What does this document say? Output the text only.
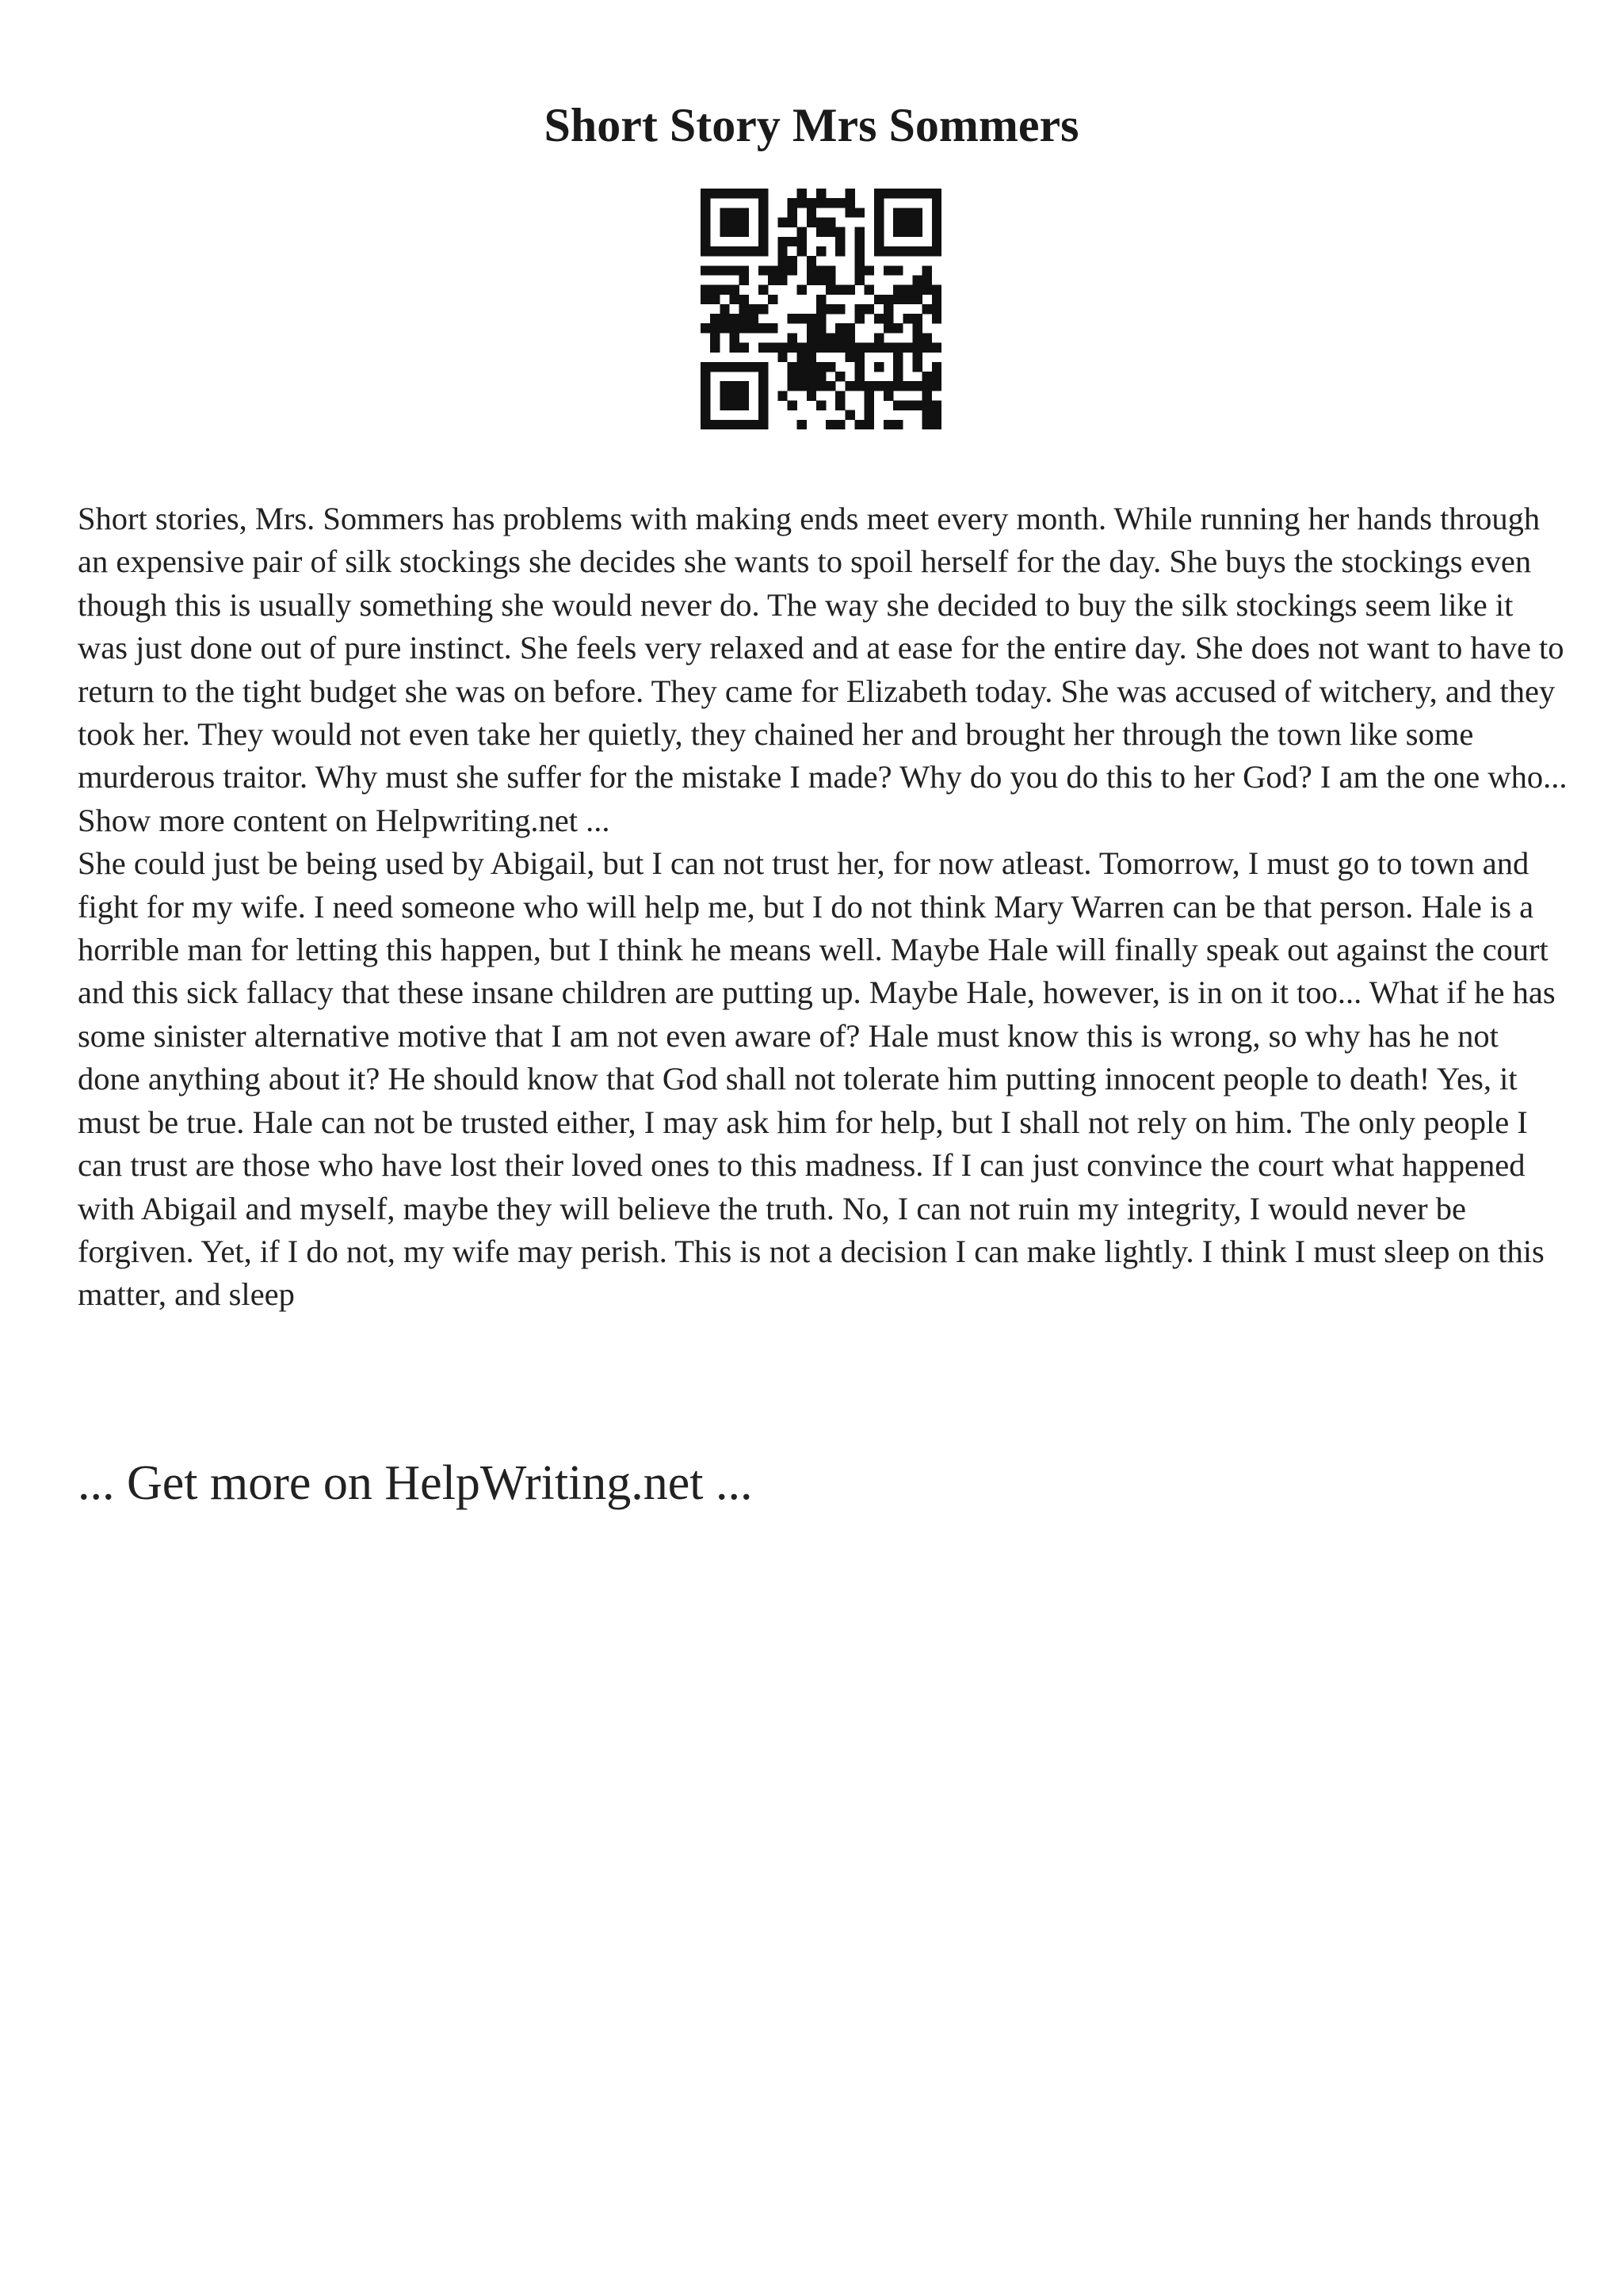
Short Story Mrs Sommers

Short stories, Mrs. Sommers has problems with making ends meet every month. While running her hands through an expensive pair of silk stockings she decides she wants to spoil herself for the day. She buys the stockings even though this is usually something she would never do. The way she decided to buy the silk stockings seem like it was just done out of pure instinct. She feels very relaxed and at ease for the entire day. She does not want to have to return to the tight budget she was on before. They came for Elizabeth today. She was accused of witchery, and they took her. They would not even take her quietly, they chained her and brought her through the town like some murderous traitor. Why must she suffer for the mistake I made? Why do you do this to her God? I am the one who... Show more content on Helpwriting.net ...

She could just be being used by Abigail, but I can not trust her, for now atleast. Tomorrow, I must go to town and fight for my wife. I need someone who will help me, but I do not think Mary Warren can be that person. Hale is a horrible man for letting this happen, but I think he means well. Maybe Hale will finally speak out against the court and this sick fallacy that these insane children are putting up. Maybe Hale, however, is in on it too... What if he has some sinister alternative motive that I am not even aware of? Hale must know this is wrong, so why has he not done anything about it? He should know that God shall not tolerate him putting innocent people to death! Yes, it must be true. Hale can not be trusted either, I may ask him for help, but I shall not rely on him. The only people I can trust are those who have lost their loved ones to this madness. If I can just convince the court what happened with Abigail and myself, maybe they will believe the truth. No, I can not ruin my integrity, I would never be forgiven. Yet, if I do not, my wife may perish. This is not a decision I can make lightly. I think I must sleep on this matter, and sleep

... Get more on HelpWriting.net ...
